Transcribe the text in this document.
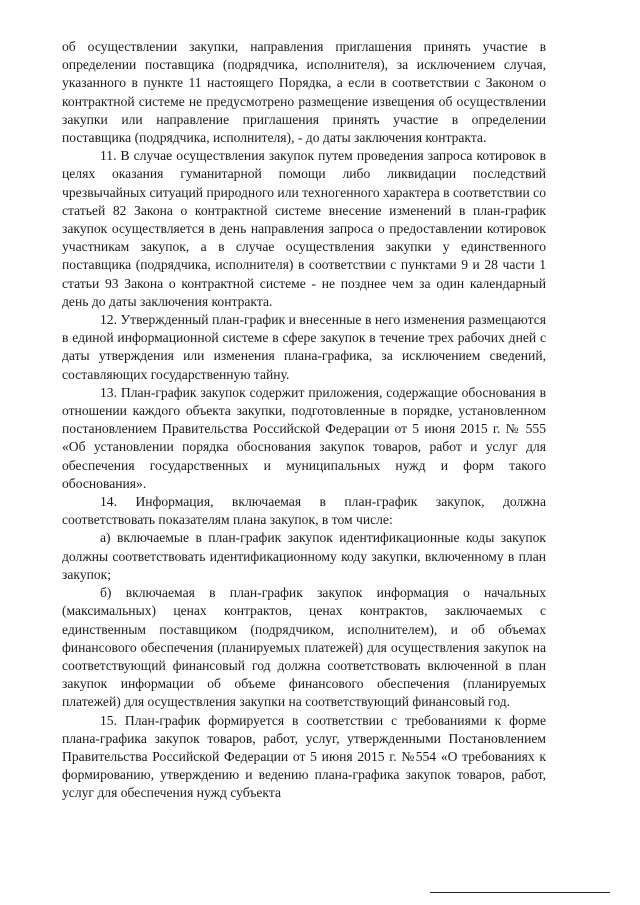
об осуществлении закупки, направления приглашения принять участие в определении поставщика (подрядчика, исполнителя), за исключением случая, указанного в пункте 11 настоящего Порядка, а если в соответствии с Законом о контрактной системе не предусмотрено размещение извещения об осуществлении закупки или направление приглашения принять участие в определении поставщика (подрядчика, исполнителя), - до даты заключения контракта.

11. В случае осуществления закупок путем проведения запроса котировок в целях оказания гуманитарной помощи либо ликвидации последствий чрезвычайных ситуаций природного или техногенного характера в соответствии со статьей 82 Закона о контрактной системе внесение изменений в план-график закупок осуществляется в день направления запроса о предоставлении котировок участникам закупок, а в случае осуществления закупки у единственного поставщика (подрядчика, исполнителя) в соответствии с пунктами 9 и 28 части 1 статьи 93 Закона о контрактной системе - не позднее чем за один календарный день до даты заключения контракта.

12. Утвержденный план-график и внесенные в него изменения размещаются в единой информационной системе в сфере закупок в течение трех рабочих дней с даты утверждения или изменения плана-графика, за исключением сведений, составляющих государственную тайну.

13. План-график закупок содержит приложения, содержащие обоснования в отношении каждого объекта закупки, подготовленные в порядке, установленном постановлением Правительства Российской Федерации от 5 июня 2015 г. № 555 «Об установлении порядка обоснования закупок товаров, работ и услуг для обеспечения государственных и муниципальных нужд и форм такого обоснования».

14. Информация, включаемая в план-график закупок, должна соответствовать показателям плана закупок, в том числе:

а) включаемые в план-график закупок идентификационные коды закупок должны соответствовать идентификационному коду закупки, включенному в план закупок;

б) включаемая в план-график закупок информация о начальных (максимальных) ценах контрактов, ценах контрактов, заключаемых с единственным поставщиком (подрядчиком, исполнителем), и об объемах финансового обеспечения (планируемых платежей) для осуществления закупок на соответствующий финансовый год должна соответствовать включенной в план закупок информации об объеме финансового обеспечения (планируемых платежей) для осуществления закупки на соответствующий финансовый год.

15. План-график формируется в соответствии с требованиями к форме плана-графика закупок товаров, работ, услуг, утвержденными Постановлением Правительства Российской Федерации от 5 июня 2015 г. №554 «О требованиях к формированию, утверждению и ведению плана-графика закупок товаров, работ, услуг для обеспечения нужд субъекта
